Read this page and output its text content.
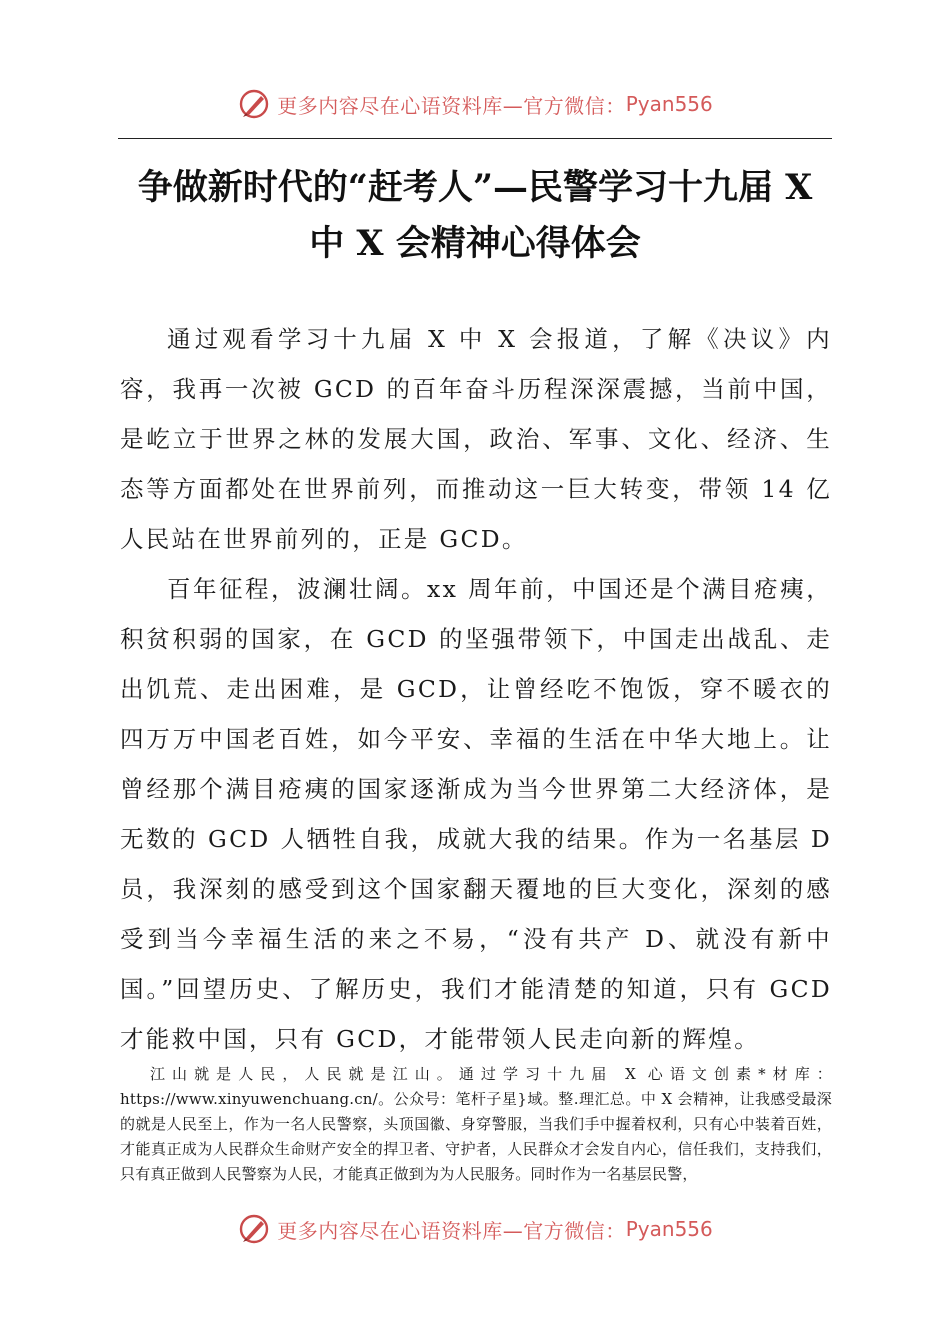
更多内容尽在心语资料库—官方微信： Pyan556
争做新时代的“赶考人”—民警学习十九届 X
中 X 会精神心得体会

通过观看学习十九届 X 中 X 会报道，了解《决议》内容，我再一次被 GCD 的百年奋斗历程深深震撼，当前中国，是屹立于世界之林的发展大国，政治、军事、文化、经济、生态等方面都处在世界前列，而推动这一巨大转变，带领 14 亿人民站在世界前列的，正是 GCD。

百年征程，波澜壮阔。xx 周年前，中国还是个满目疮痍，积贫积弱的国家，在 GCD 的坚强带领下，中国走出战乱、走出饥荒、走出困难，是 GCD，让曾经吃不饱饭，穿不暖衣的四万万中国老百姓，如今平安、幸福的生活在中华大地上。让曾经那个满目疮痍的国家逐渐成为当今世界第二大经济体，是无数的 GCD 人牺牲自我，成就大我的结果。作为一名基层 D 员，我深刻的感受到这个国家翻天覆地的巨大变化，深刻的感受到当今幸福生活的来之不易，“没有共产 D、就没有新中国。”回望历史、了解历史，我们才能清楚的知道，只有 GCD 才能救中国，只有 GCD，才能带领人民走向新的辉煌。

江山就是人民，人民就是江山。通过学习十九届 X 心语文创素*材库：https://www.xinyuwenchuang.cn/。公众号：笔杆子星}域。整.理汇总。中 X 会精神，让我感受最深的就是人民至上，作为一名人民警察，头顶国徽、身穿警服，当我们手中握着权利，只有心中装着百姓，才能真正成为人民群众生命财产安全的捍卫者、守护者，人民群众才会发自内心，信任我们，支持我们，只有真正做到人民警察为人民，才能真正做到为为人民服务。同时作为一名基层民警，

更多内容尽在心语资料库—官方微信： Pyan556
